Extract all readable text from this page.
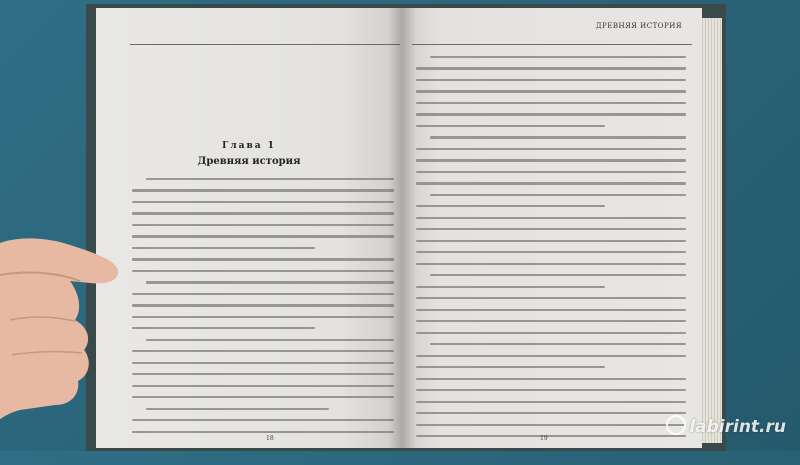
Глава 1
Древняя история
18
ДРЕВНЯЯ ИСТОРИЯ
19
labirint.ru
